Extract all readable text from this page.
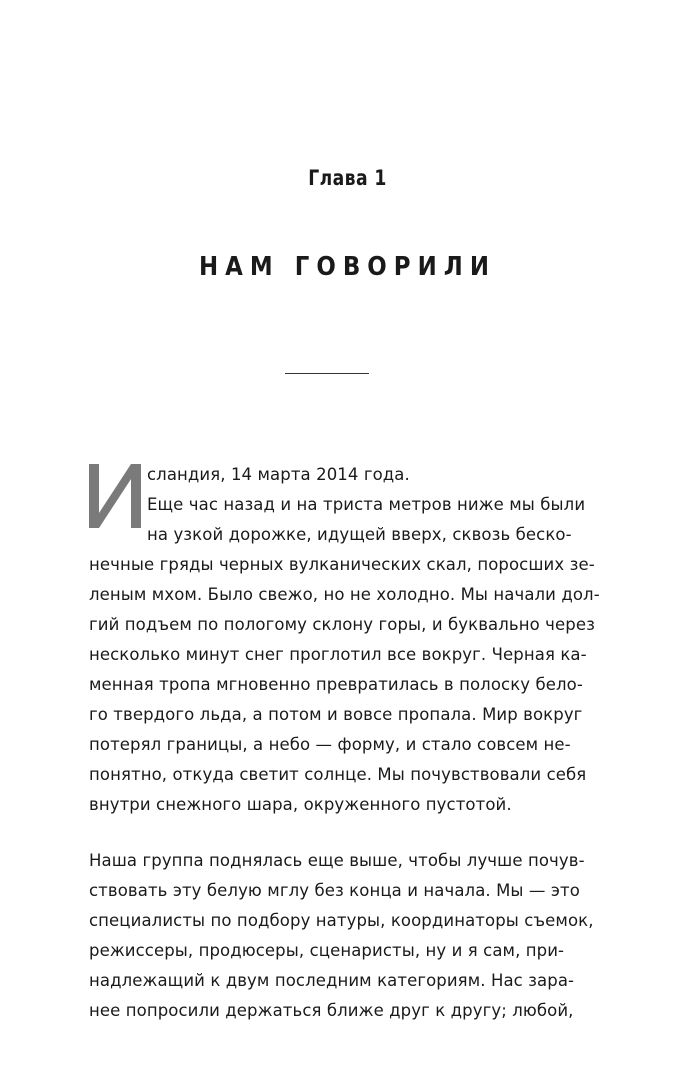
Глава 1
НАМ ГОВОРИЛИ
сландия, 14 марта 2014 года.
Еще час назад и на триста метров ниже мы были
на узкой дорожке, идущей вверх, сквозь беско-
нечные гряды черных вулканических скал, поросших зе-
леным мхом. Было свежо, но не холодно. Мы начали дол-
гий подъем по пологому склону горы, и буквально через
несколько минут снег проглотил все вокруг. Черная ка-
менная тропа мгновенно превратилась в полоску бело-
го твердого льда, а потом и вовсе пропала. Мир вокруг
потерял границы, а небо — форму, и стало совсем не-
понятно, откуда светит солнце. Мы почувствовали себя
внутри снежного шара, окруженного пустотой.
Наша группа поднялась еще выше, чтобы лучше почув-
ствовать эту белую мглу без конца и начала. Мы — это
специалисты по подбору натуры, координаторы съемок,
режиссеры, продюсеры, сценаристы, ну и я сам, при-
надлежащий к двум последним категориям. Нас зара-
нее попросили держаться ближе друг к другу; любой,
